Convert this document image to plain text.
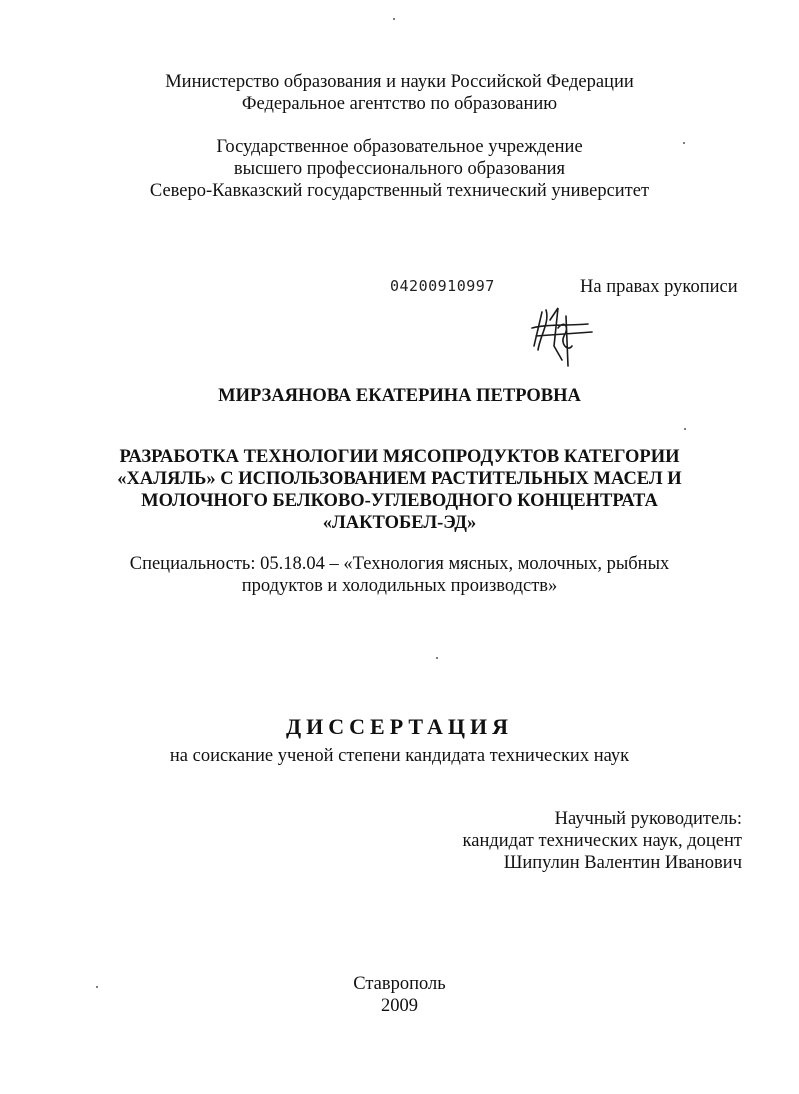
Министерство образования и науки Российской Федерации
Федеральное агентство по образованию
Государственное образовательное учреждение
высшего профессионального образования
Северо-Кавказский государственный технический университет
04200910997	На правах рукописи
МИРЗАЯНОВА ЕКАТЕРИНА ПЕТРОВНА
РАЗРАБОТКА ТЕХНОЛОГИИ МЯСОПРОДУКТОВ КАТЕГОРИИ
«ХАЛЯЛЬ» С ИСПОЛЬЗОВАНИЕМ РАСТИТЕЛЬНЫХ МАСЕЛ И
МОЛОЧНОГО БЕЛКОВО-УГЛЕВОДНОГО КОНЦЕНТРАТА
«ЛАКТОБЕЛ-ЭД»
Специальность: 05.18.04 – «Технология мясных, молочных, рыбных
продуктов и холодильных производств»
ДИССЕРТАЦИЯ
на соискание ученой степени кандидата технических наук
Научный руководитель:
кандидат технических наук, доцент
Шипулин Валентин Иванович
Ставрополь
2009
